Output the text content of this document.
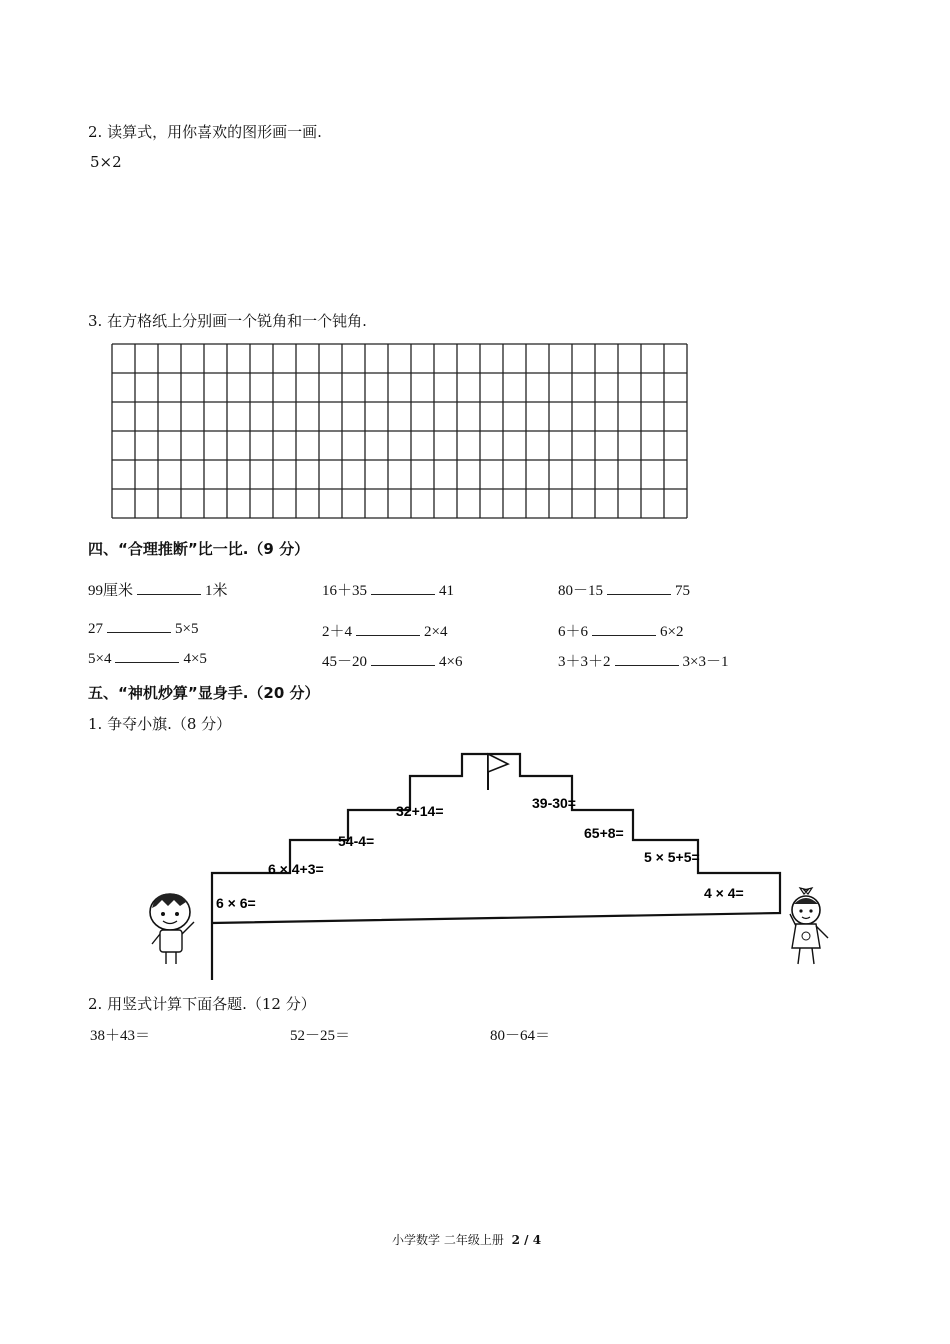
2. 读算式，用你喜欢的图形画一画.
5×2
3. 在方格纸上分别画一个锐角和一个钝角.
四、“合理推断”比一比.（9 分）
99厘米	1米	16＋35	41	80－15	75
27	5×5	2＋4	2×4	6＋6	6×2
5×4	4×5	45－20	4×6	3＋3＋2	3×3－1
五、“神机炒算”显身手.（20 分）
1. 争夺小旗.（8 分）
6 × 6=
6 × 4+3=
54-4=
32+14=	39-30=
65+8=
5 × 5+5=
4 × 4=
2. 用竖式计算下面各题.（12 分）
38＋43＝	52－25＝	80－64＝
小学数学 二年级上册 2 / 4
